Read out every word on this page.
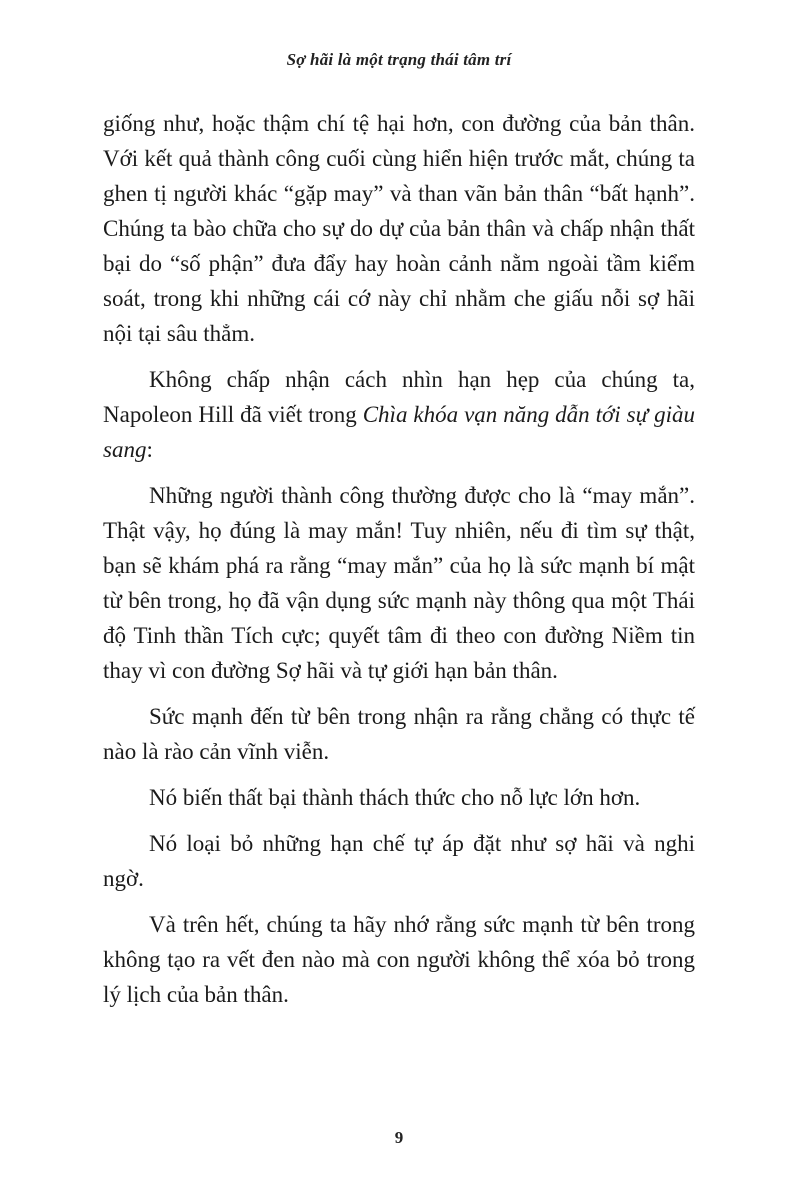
Sợ hãi là một trạng thái tâm trí

giống như, hoặc thậm chí tệ hại hơn, con đường của bản thân. Với kết quả thành công cuối cùng hiển hiện trước mắt, chúng ta ghen tị người khác “gặp may” và than vãn bản thân “bất hạnh”. Chúng ta bào chữa cho sự do dự của bản thân và chấp nhận thất bại do “số phận” đưa đẩy hay hoàn cảnh nằm ngoài tầm kiểm soát, trong khi những cái cớ này chỉ nhằm che giấu nỗi sợ hãi nội tại sâu thẳm.

Không chấp nhận cách nhìn hạn hẹp của chúng ta, Napoleon Hill đã viết trong Chìa khóa vạn năng dẫn tới sự giàu sang:

Những người thành công thường được cho là “may mắn”. Thật vậy, họ đúng là may mắn! Tuy nhiên, nếu đi tìm sự thật, bạn sẽ khám phá ra rằng “may mắn” của họ là sức mạnh bí mật từ bên trong, họ đã vận dụng sức mạnh này thông qua một Thái độ Tinh thần Tích cực; quyết tâm đi theo con đường Niềm tin thay vì con đường Sợ hãi và tự giới hạn bản thân.

Sức mạnh đến từ bên trong nhận ra rằng chẳng có thực tế nào là rào cản vĩnh viễn.

Nó biến thất bại thành thách thức cho nỗ lực lớn hơn.

Nó loại bỏ những hạn chế tự áp đặt như sợ hãi và nghi ngờ.

Và trên hết, chúng ta hãy nhớ rằng sức mạnh từ bên trong không tạo ra vết đen nào mà con người không thể xóa bỏ trong lý lịch của bản thân.

9
